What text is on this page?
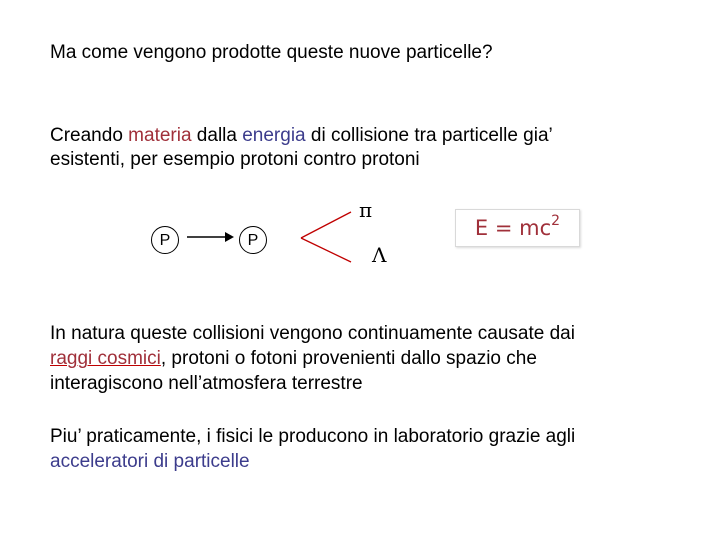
Ma come vengono prodotte queste nuove particelle?
Creando materia dalla energia di collisione tra particelle gia’
esistenti, per esempio protoni contro protoni
P	P
π
Λ
$E = mc^2$
In natura queste collisioni vengono continuamente causate dai
raggi cosmici, protoni o fotoni provenienti dallo spazio che
interagiscono nell’atmosfera terrestre
Piu’ praticamente, i fisici le producono in laboratorio grazie agli
acceleratori di particelle
